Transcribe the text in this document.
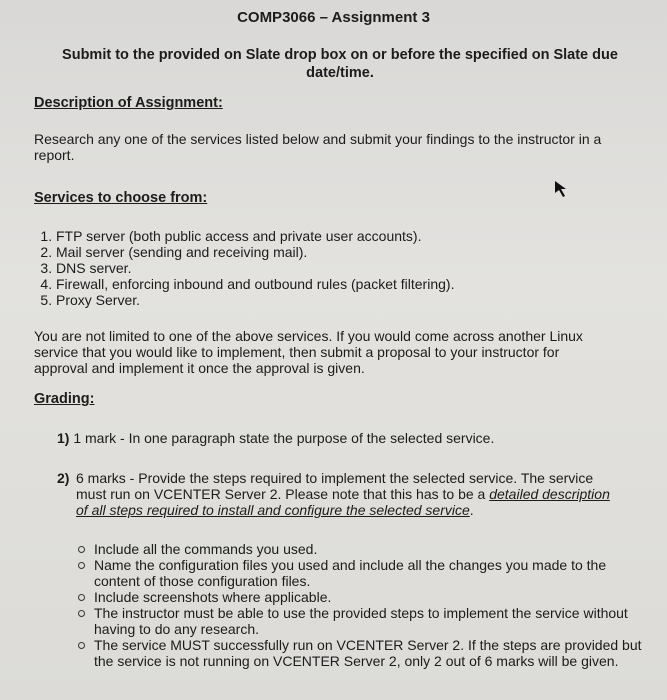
COMP3066 – Assignment 3
Submit to the provided on Slate drop box on or before the specified on Slate due date/time.
Description of Assignment:
Research any one of the services listed below and submit your findings to the instructor in a report.
Services to choose from:
1. FTP server (both public access and private user accounts).
2. Mail server (sending and receiving mail).
3. DNS server.
4. Firewall, enforcing inbound and outbound rules (packet filtering).
5. Proxy Server.
You are not limited to one of the above services. If you would come across another Linux service that you would like to implement, then submit a proposal to your instructor for approval and implement it once the approval is given.
Grading:
1) 1 mark - In one paragraph state the purpose of the selected service.
2) 6 marks - Provide the steps required to implement the selected service. The service must run on VCENTER Server 2. Please note that this has to be a detailed description of all steps required to install and configure the selected service.
Include all the commands you used.
Name the configuration files you used and include all the changes you made to the content of those configuration files.
Include screenshots where applicable.
The instructor must be able to use the provided steps to implement the service without having to do any research.
The service MUST successfully run on VCENTER Server 2. If the steps are provided but the service is not running on VCENTER Server 2, only 2 out of 6 marks will be given.
